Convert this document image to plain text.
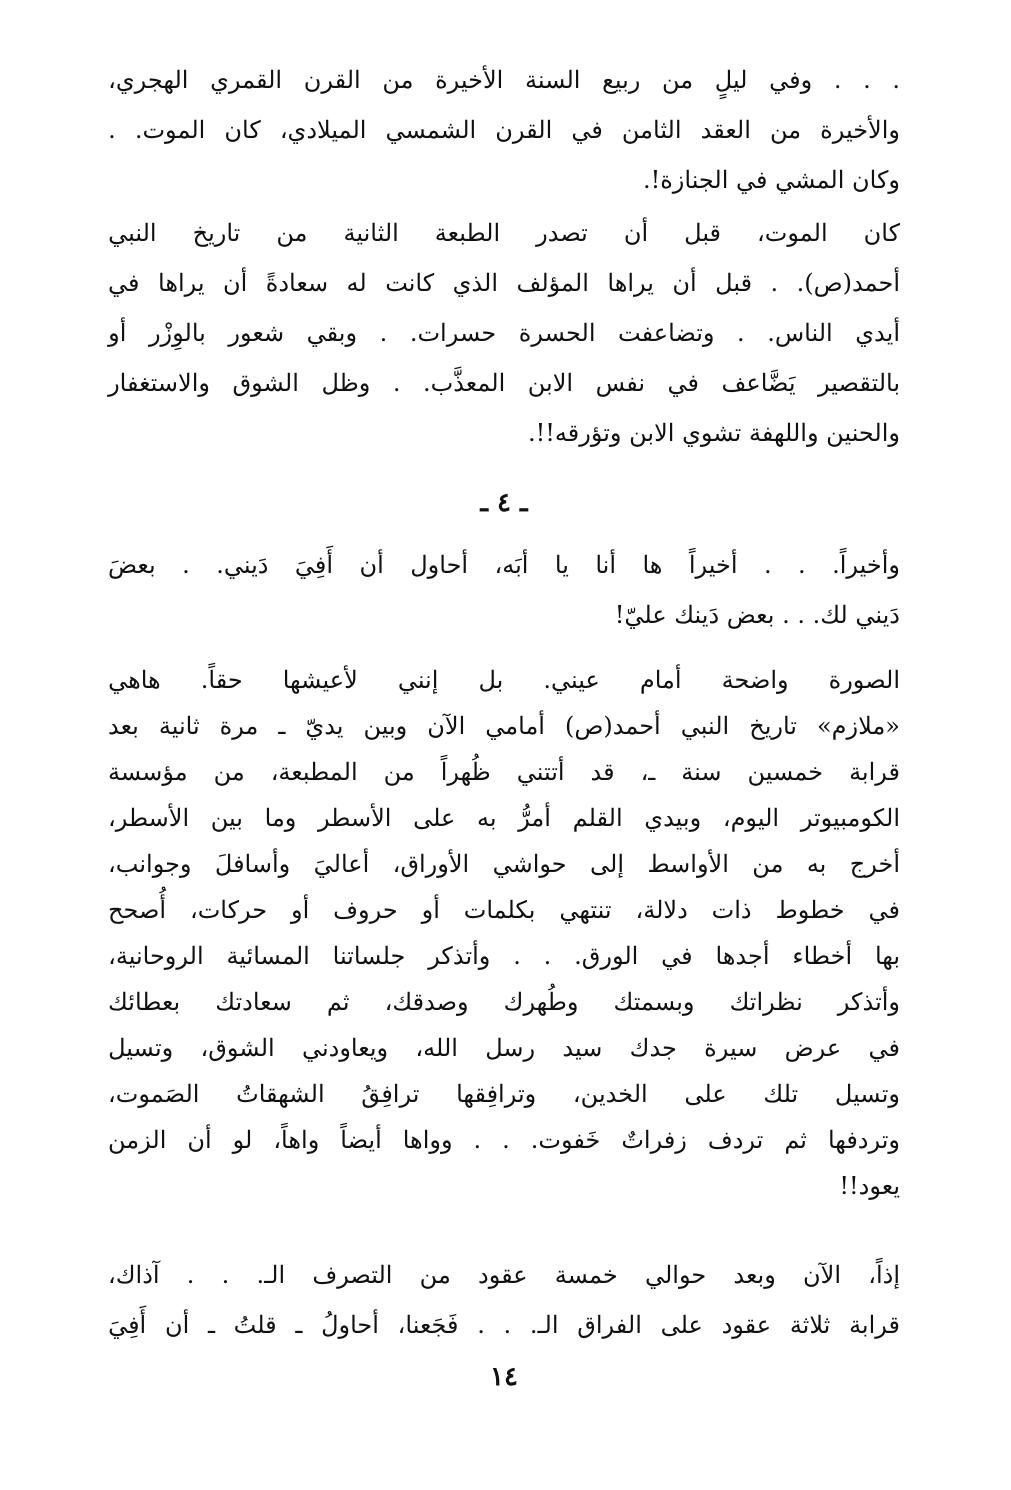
.
.
.
وفي
ليلٍ
من
ربيع
السنة
الأخيرة
من
القرن
القمري
الهجري،
والأخيرة
من
العقد
الثامن
في
القرن
الشمسي
الميلادي،
كان
الموت.
.
وكان المشي في الجنازة!.
كان
الموت،
قبل
أن
تصدر
الطبعة
الثانية
من
تاريخ
النبي
أحمد(ص).
.
قبل
أن
يراها
المؤلف
الذي
كانت
له
سعادةً
أن
يراها
في
أيدي
الناس.
.
وتضاعفت
الحسرة
حسرات.
.
وبقي
شعور
بالوِزْر
أو
بالتقصير
يَضَّاعف
في
نفس
الابن
المعذَّب.
.
وظل
الشوق
والاستغفار
والحنين واللهفة تشوي الابن وتؤرقه!!.
ـ ٤ ـ
وأخيراً.
.
.
أخيراً
ها
أنا
يا
أبَه،
أحاول
أن
أَفِيَ
دَيني.
.
بعضَ
دَيني لك. . . بعض دَينك عليّ!
الصورة
واضحة
أمام
عيني.
بل
إنني
لأعيشها
حقاً.
هاهي
«ملازم»
تاريخ
النبي
أحمد(ص)
أمامي
الآن
وبين
يديّ
ـ
مرة
ثانية
بعد
قرابة
خمسين
سنة
ـ،
قد
أتتني
ظُهراً
من
المطبعة،
من
مؤسسة
الكومبيوتر
اليوم،
وبيدي
القلم
أمرُّ
به
على
الأسطر
وما
بين
الأسطر،
أخرج
به
من
الأواسط
إلى
حواشي
الأوراق،
أعاليَ
وأسافلَ
وجوانب،
في
خطوط
ذات
دلالة،
تنتهي
بكلمات
أو
حروف
أو
حركات،
أُصحح
بها
أخطاء
أجدها
في
الورق.
.
.
وأتذكر
جلساتنا
المسائية
الروحانية،
وأتذكر
نظراتك
وبسمتك
وطُهرك
وصدقك،
ثم
سعادتك
بعطائك
في
عرض
سيرة
جدك
سيد
رسل
الله،
ويعاودني
الشوق،
وتسيل
وتسيل
تلك
على
الخدين،
وترافِقها
ترافِقُ
الشهقاتُ
الصَموت،
وتردفها
ثم
تردف
زفراتٌ
خَفوت.
.
.
وواها
أيضاً
واهاً،
لو
أن
الزمن
يعود!!
إذاً،
الآن
وبعد
حوالي
خمسة
عقود
من
التصرف
الـ.
.
.
آذاك،
قرابة
ثلاثة
عقود
على
الفراق
الـ.
.
.
فَجَعنا،
أحاولُ
ـ
قلتُ
ـ
أن
أَفِيَ
١٤
